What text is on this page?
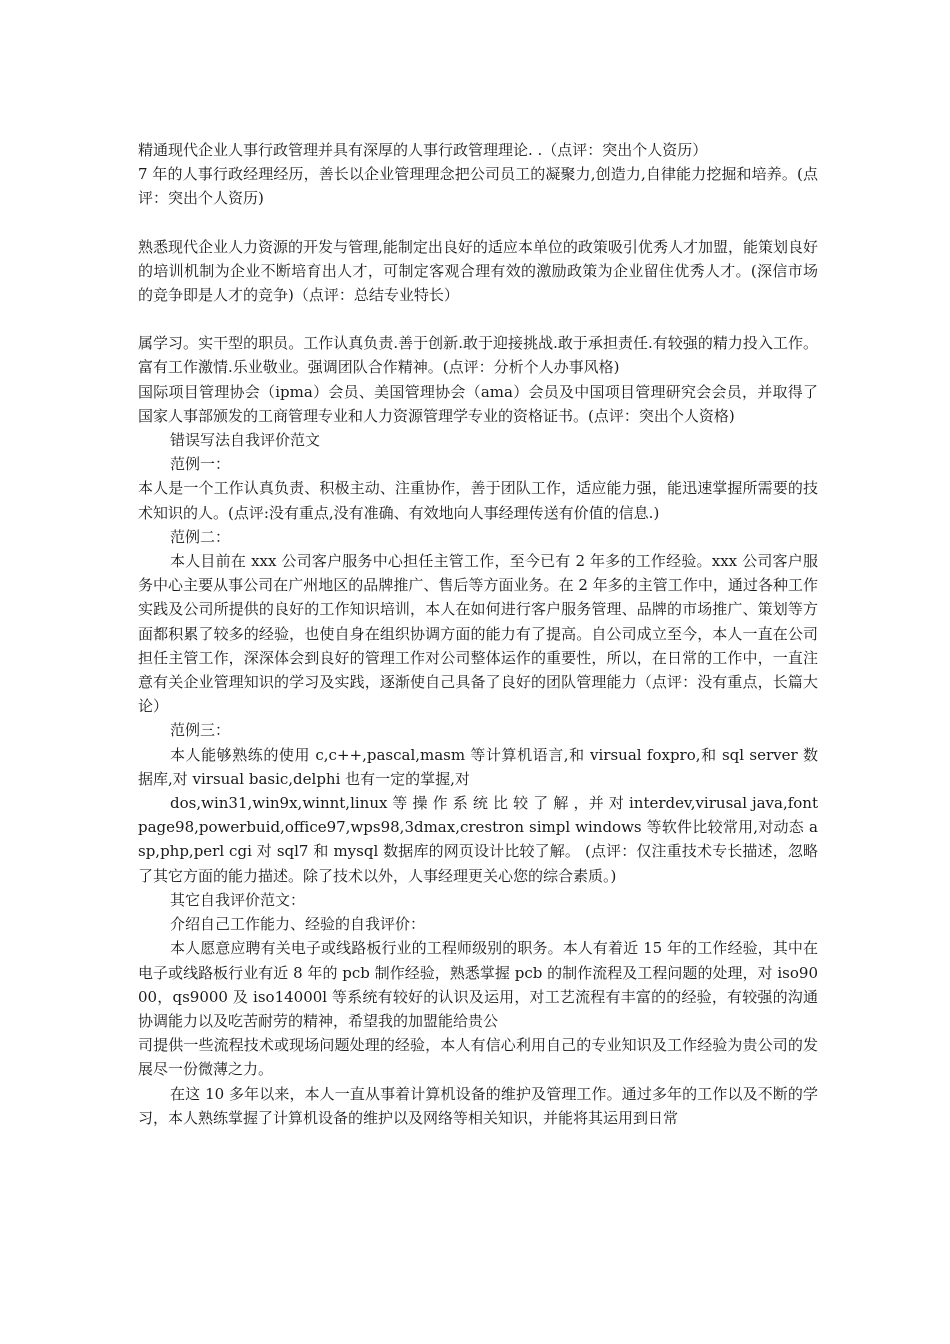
精通现代企业人事行政管理并具有深厚的人事行政管理理论. .（点评：突出个人资历）

7 年的人事行政经理经历，善长以企业管理理念把公司员工的凝聚力,创造力,自律能力挖掘和培养。(点评：突出个人资历)

熟悉现代企业人力资源的开发与管理,能制定出良好的适应本单位的政策吸引优秀人才加盟，能策划良好的培训机制为企业不断培育出人才，可制定客观合理有效的激励政策为企业留住优秀人才。(深信市场的竞争即是人才的竞争)（点评：总结专业特长）

属学习。实干型的职员。工作认真负责.善于创新.敢于迎接挑战.敢于承担责任.有较强的精力投入工作。富有工作激情.乐业敬业。强调团队合作精神。(点评：分析个人办事风格)

国际项目管理协会（ipma）会员、美国管理协会（ama）会员及中国项目管理研究会会员，并取得了国家人事部颁发的工商管理专业和人力资源管理学专业的资格证书。(点评：突出个人资格)

错误写法自我评价范文

范例一：

本人是一个工作认真负责、积极主动、注重协作，善于团队工作，适应能力强，能迅速掌握所需要的技术知识的人。(点评:没有重点,没有准确、有效地向人事经理传送有价值的信息.)

范例二：

本人目前在 xxx 公司客户服务中心担任主管工作，至今已有 2 年多的工作经验。xxx 公司客户服务中心主要从事公司在广州地区的品牌推广、售后等方面业务。在 2 年多的主管工作中，通过各种工作实践及公司所提供的良好的工作知识培训，本人在如何进行客户服务管理、品牌的市场推广、策划等方面都积累了较多的经验，也使自身在组织协调方面的能力有了提高。自公司成立至今，本人一直在公司担任主管工作，深深体会到良好的管理工作对公司整体运作的重要性，所以，在日常的工作中，一直注意有关企业管理知识的学习及实践，逐渐使自己具备了良好的团队管理能力（点评：没有重点，长篇大论）

范例三：

本人能够熟练的使用 c,c++,pascal,masm 等计算机语言,和 virsual foxpro,和 sql server 数据库,对 virsual basic,delphi 也有一定的掌握,对

dos,win31,win9x,winnt,linux 等 操 作 系 统 比 较 了 解 ，并 对 interdev,virusal java,fontpage98,powerbuid,office97,wps98,3dmax,crestron simpl windows 等软件比较常用,对动态 asp,php,perl cgi 对 sql7 和 mysql 数据库的网页设计比较了解。 (点评：仅注重技术专长描述，忽略了其它方面的能力描述。除了技术以外，人事经理更关心您的综合素质。)

其它自我评价范文：

介绍自己工作能力、经验的自我评价：

本人愿意应聘有关电子或线路板行业的工程师级别的职务。本人有着近 15 年的工作经验，其中在电子或线路板行业有近 8 年的 pcb 制作经验，熟悉掌握 pcb 的制作流程及工程问题的处理，对 iso9000，qs9000 及 iso14000l 等系统有较好的认识及运用，对工艺流程有丰富的的经验，有较强的沟通协调能力以及吃苦耐劳的精神，希望我的加盟能给贵公

司提供一些流程技术或现场问题处理的经验，本人有信心利用自己的专业知识及工作经验为贵公司的发展尽一份微薄之力。

在这 10 多年以来，本人一直从事着计算机设备的维护及管理工作。通过多年的工作以及不断的学习，本人熟练掌握了计算机设备的维护以及网络等相关知识，并能将其运用到日常
